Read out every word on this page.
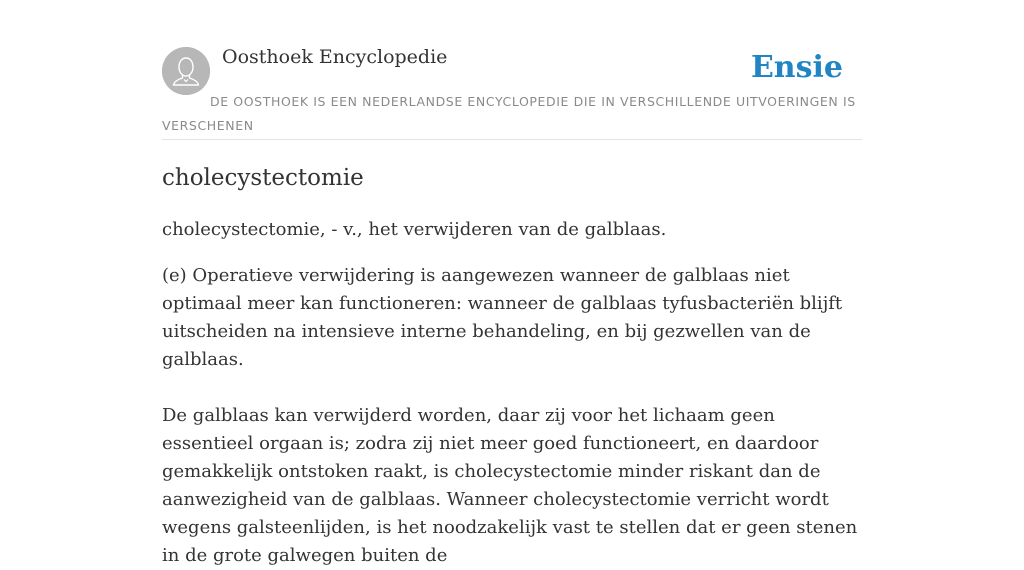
Oosthoek Encyclopedie	Ensie
DE OOSTHOEK IS EEN NEDERLANDSE ENCYCLOPEDIE DIE IN VERSCHILLENDE UITVOERINGEN IS VERSCHENEN
cholecystectomie

cholecystectomie, - v., het verwijderen van de galblaas.

(e) Operatieve verwijdering is aangewezen wanneer de galblaas niet optimaal meer kan functioneren: wanneer de galblaas tyfusbacteriën blijft uitscheiden na intensieve interne behandeling, en bij gezwellen van de galblaas.

De galblaas kan verwijderd worden, daar zij voor het lichaam geen essentieel orgaan is; zodra zij niet meer goed functioneert, en daardoor gemakkelijk ontstoken raakt, is cholecystectomie minder riskant dan de aanwezigheid van de galblaas. Wanneer cholecystectomie verricht wordt wegens galsteenlijden, is het noodzakelijk vast te stellen dat er geen stenen in de grote galwegen buiten de
